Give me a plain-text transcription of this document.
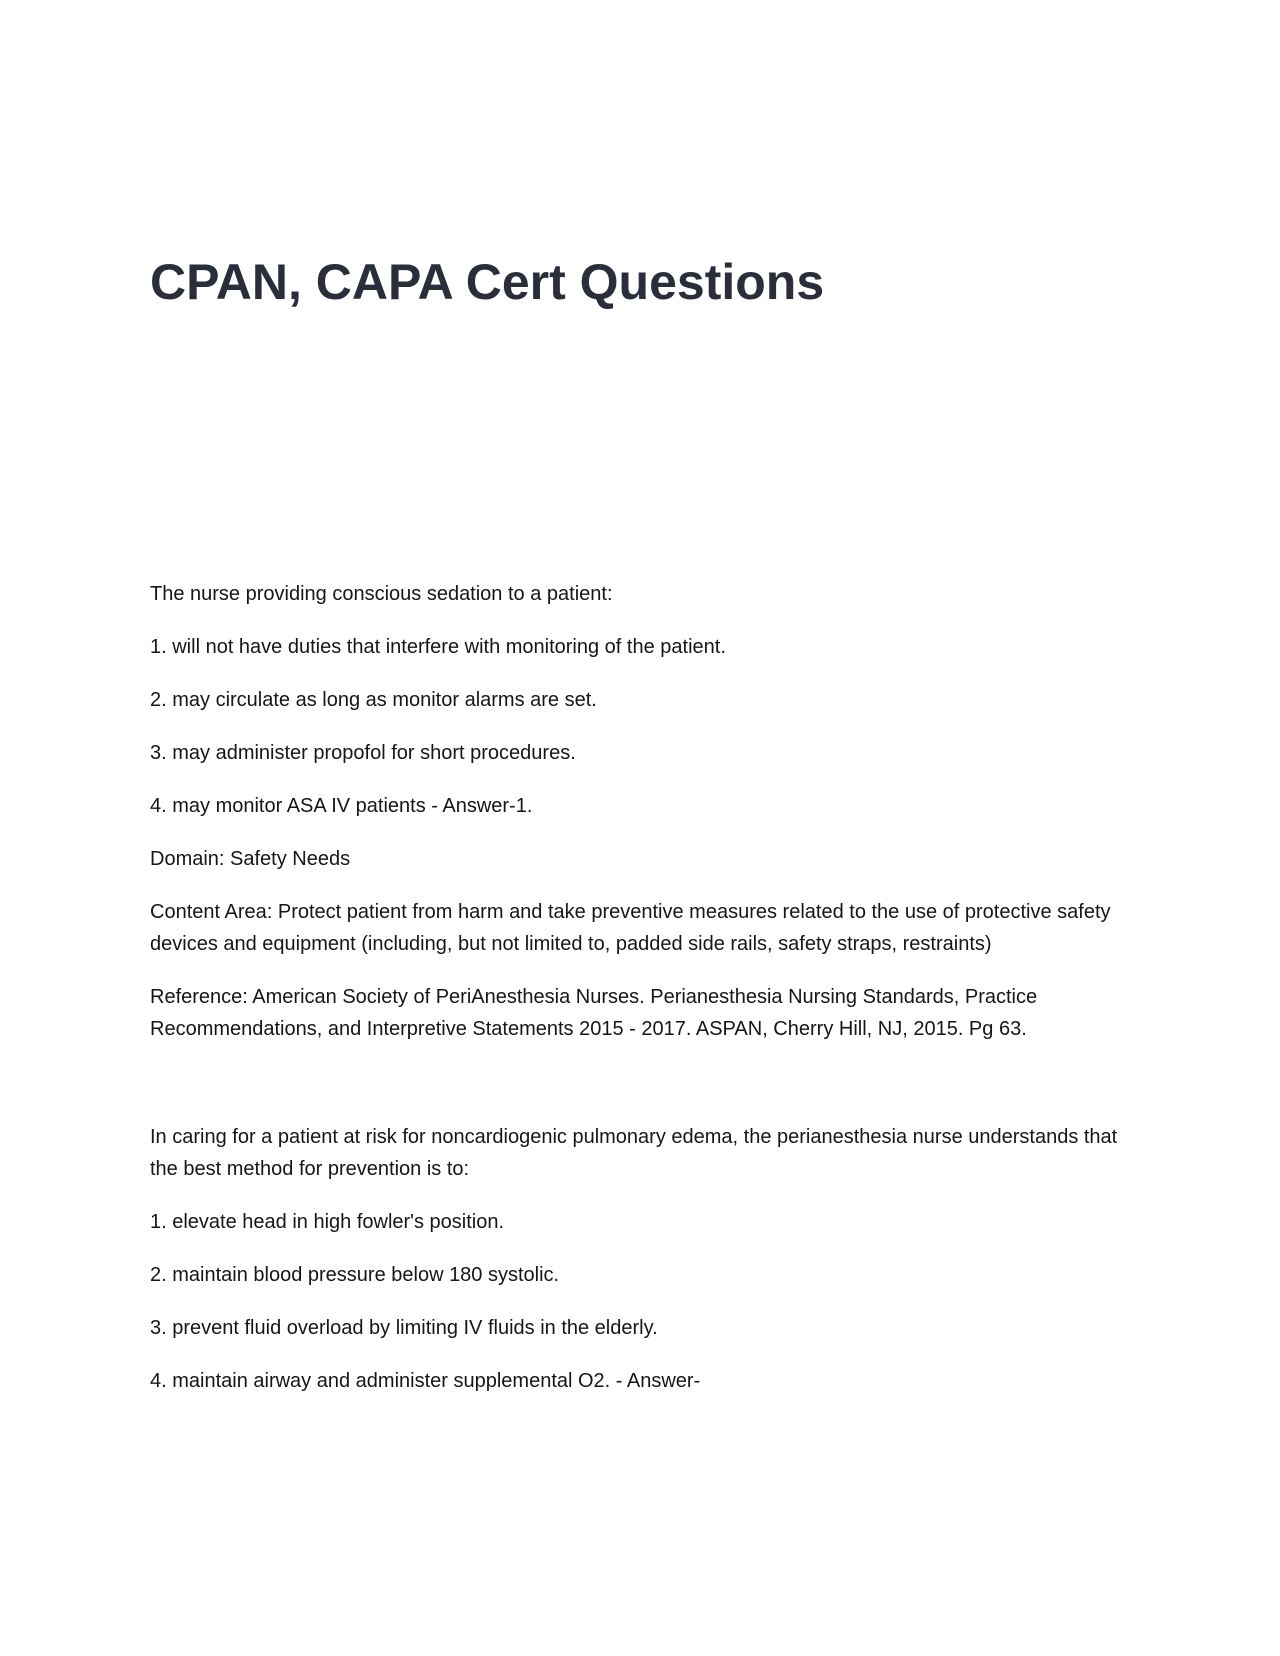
CPAN, CAPA Cert Questions

The nurse providing conscious sedation to a patient:

1. will not have duties that interfere with monitoring of the patient.

2. may circulate as long as monitor alarms are set.

3. may administer propofol for short procedures.

4. may monitor ASA IV patients - Answer-1.

Domain: Safety Needs

Content Area: Protect patient from harm and take preventive measures related to the use of protective safety devices and equipment (including, but not limited to, padded side rails, safety straps, restraints)

Reference: American Society of PeriAnesthesia Nurses. Perianesthesia Nursing Standards, Practice Recommendations, and Interpretive Statements 2015 - 2017. ASPAN, Cherry Hill, NJ, 2015. Pg 63.

In caring for a patient at risk for noncardiogenic pulmonary edema, the perianesthesia nurse understands that the best method for prevention is to:

1. elevate head in high fowler's position.

2. maintain blood pressure below 180 systolic.

3. prevent fluid overload by limiting IV fluids in the elderly.

4. maintain airway and administer supplemental O2. - Answer-
